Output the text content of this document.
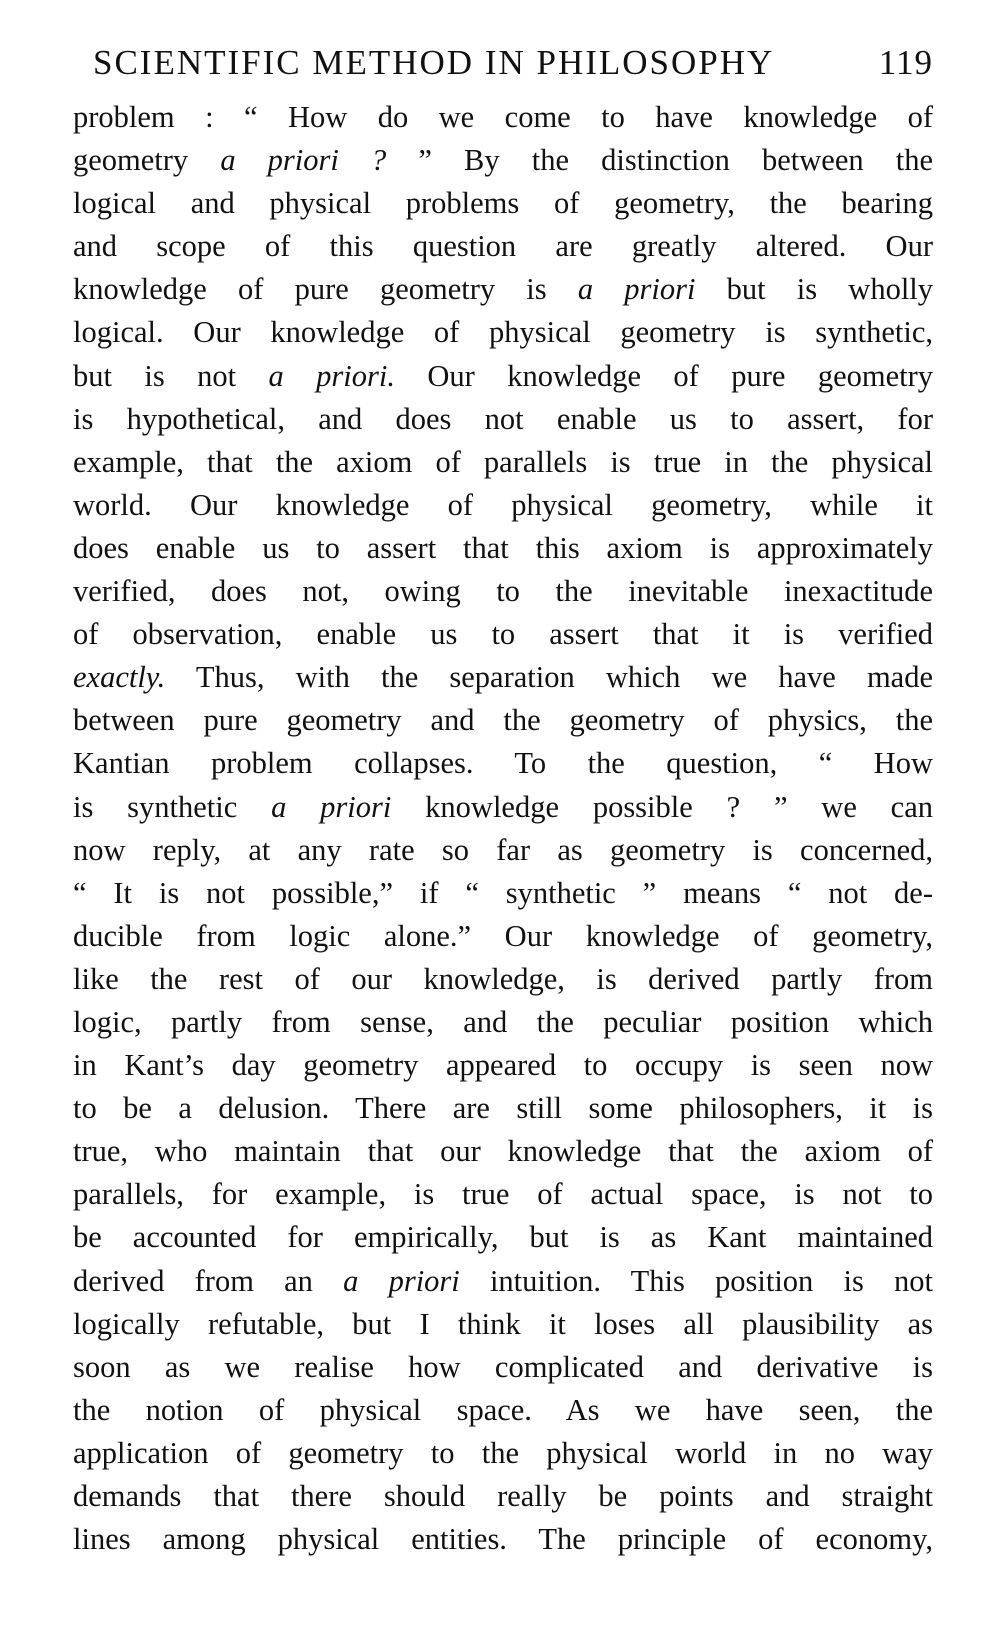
SCIENTIFIC METHOD IN PHILOSOPHY	119
problem : “ How do we come to have knowledge of
geometry a priori ? ” By the distinction between the
logical and physical problems of geometry, the bearing
and scope of this question are greatly altered. Our
knowledge of pure geometry is a priori but is wholly
logical. Our knowledge of physical geometry is synthetic,
but is not a priori. Our knowledge of pure geometry
is hypothetical, and does not enable us to assert, for
example, that the axiom of parallels is true in the physical
world. Our knowledge of physical geometry, while it
does enable us to assert that this axiom is approximately
verified, does not, owing to the inevitable inexactitude
of observation, enable us to assert that it is verified
exactly. Thus, with the separation which we have made
between pure geometry and the geometry of physics, the
Kantian problem collapses. To the question, “ How
is synthetic a priori knowledge possible ? ” we can
now reply, at any rate so far as geometry is concerned,
“ It is not possible,” if “ synthetic ” means “ not de-
ducible from logic alone.” Our knowledge of geometry,
like the rest of our knowledge, is derived partly from
logic, partly from sense, and the peculiar position which
in Kant’s day geometry appeared to occupy is seen now
to be a delusion. There are still some philosophers, it is
true, who maintain that our knowledge that the axiom of
parallels, for example, is true of actual space, is not to
be accounted for empirically, but is as Kant maintained
derived from an a priori intuition. This position is not
logically refutable, but I think it loses all plausibility as
soon as we realise how complicated and derivative is
the notion of physical space. As we have seen, the
application of geometry to the physical world in no way
demands that there should really be points and straight
lines among physical entities. The principle of economy,
